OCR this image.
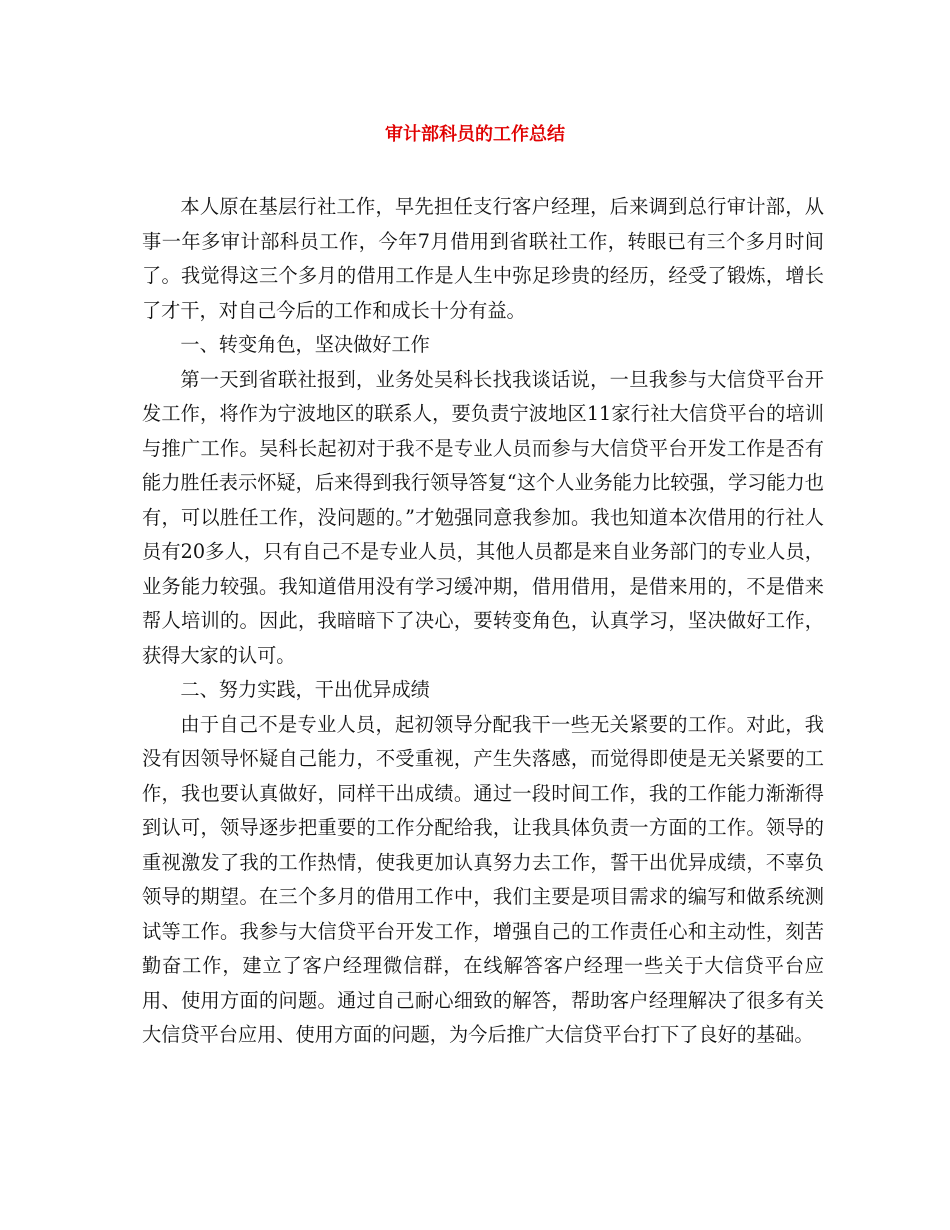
审计部科员的工作总结

本人原在基层行社工作，早先担任支行客户经理，后来调到总行审计部，从事一年多审计部科员工作，今年7月借用到省联社工作，转眼已有三个多月时间了。我觉得这三个多月的借用工作是人生中弥足珍贵的经历，经受了锻炼，增长了才干，对自己今后的工作和成长十分有益。

一、转变角色，坚决做好工作

第一天到省联社报到，业务处吴科长找我谈话说，一旦我参与大信贷平台开发工作，将作为宁波地区的联系人，要负责宁波地区11家行社大信贷平台的培训与推广工作。吴科长起初对于我不是专业人员而参与大信贷平台开发工作是否有能力胜任表示怀疑，后来得到我行领导答复“这个人业务能力比较强，学习能力也有，可以胜任工作，没问题的。”才勉强同意我参加。我也知道本次借用的行社人员有20多人，只有自己不是专业人员，其他人员都是来自业务部门的专业人员，业务能力较强。我知道借用没有学习缓冲期，借用借用，是借来用的，不是借来帮人培训的。因此，我暗暗下了决心，要转变角色，认真学习，坚决做好工作，获得大家的认可。

二、努力实践，干出优异成绩

由于自己不是专业人员，起初领导分配我干一些无关紧要的工作。对此，我没有因领导怀疑自己能力，不受重视，产生失落感，而觉得即使是无关紧要的工作，我也要认真做好，同样干出成绩。通过一段时间工作，我的工作能力渐渐得到认可，领导逐步把重要的工作分配给我，让我具体负责一方面的工作。领导的重视激发了我的工作热情，使我更加认真努力去工作，誓干出优异成绩，不辜负领导的期望。在三个多月的借用工作中，我们主要是项目需求的编写和做系统测试等工作。我参与大信贷平台开发工作，增强自己的工作责任心和主动性，刻苦勤奋工作，建立了客户经理微信群，在线解答客户经理一些关于大信贷平台应用、使用方面的问题。通过自己耐心细致的解答，帮助客户经理解决了很多有关大信贷平台应用、使用方面的问题，为今后推广大信贷平台打下了良好的基础。
